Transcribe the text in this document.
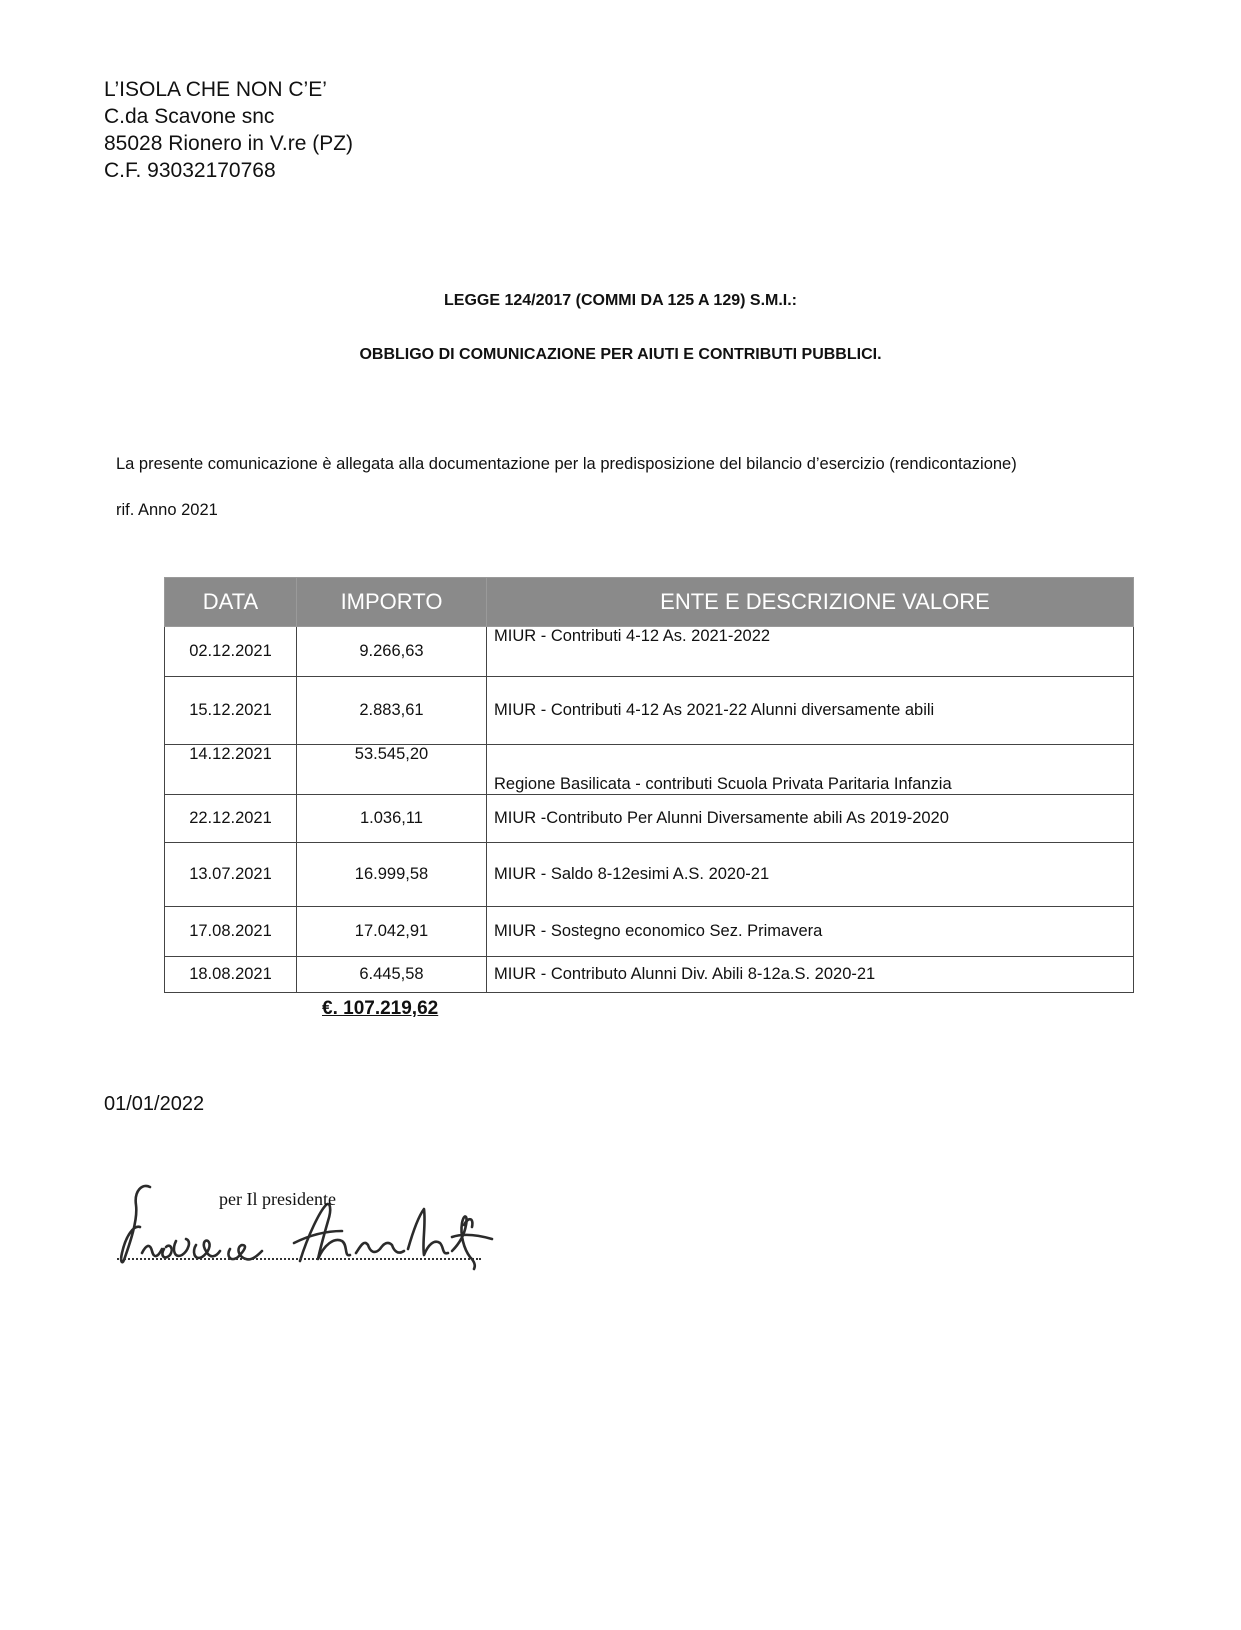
L’ISOLA CHE NON C’E’
C.da Scavone snc
85028 Rionero in V.re (PZ)
C.F. 93032170768
LEGGE 124/2017 (COMMI DA 125 A 129) S.M.I.:
OBBLIGO DI COMUNICAZIONE PER AIUTI E CONTRIBUTI PUBBLICI.
La presente comunicazione è allegata alla documentazione per la predisposizione del bilancio d’esercizio (rendicontazione)
rif. Anno 2021
DATA	IMPORTO	ENTE E DESCRIZIONE VALORE
02.12.2021	9.266,63	MIUR - Contributi 4-12 As. 2021-2022
15.12.2021	2.883,61	MIUR - Contributi 4-12 As 2021-22 Alunni diversamente abili
14.12.2021	53.545,20	Regione Basilicata - contributi Scuola Privata Paritaria Infanzia
22.12.2021	1.036,11	MIUR -Contributo Per Alunni Diversamente abili As 2019-2020
13.07.2021	16.999,58	MIUR - Saldo 8-12esimi A.S. 2020-21
17.08.2021	17.042,91	MIUR - Sostegno economico Sez. Primavera
18.08.2021	6.445,58	MIUR - Contributo Alunni Div. Abili 8-12a.S. 2020-21
€. 107.219,62
01/01/2022
per Il presidente
